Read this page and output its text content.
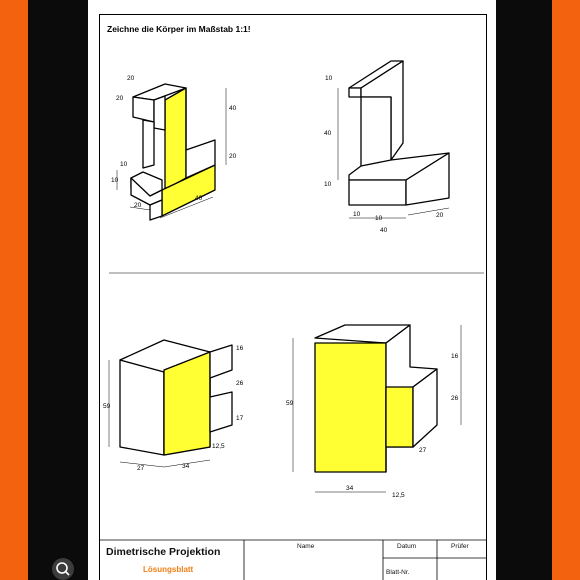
Zeichne die Körper im Maßstab 1:1!
20
20
40
20
10
10
20
40
10
40
10
10
10
40
20
59
27	34
16
26
17
12,5
59
34
12,5
16
26
27
Dimetrische Projektion
Lösungsblatt
Name	Datum	Prüfer
Blatt-Nr.
